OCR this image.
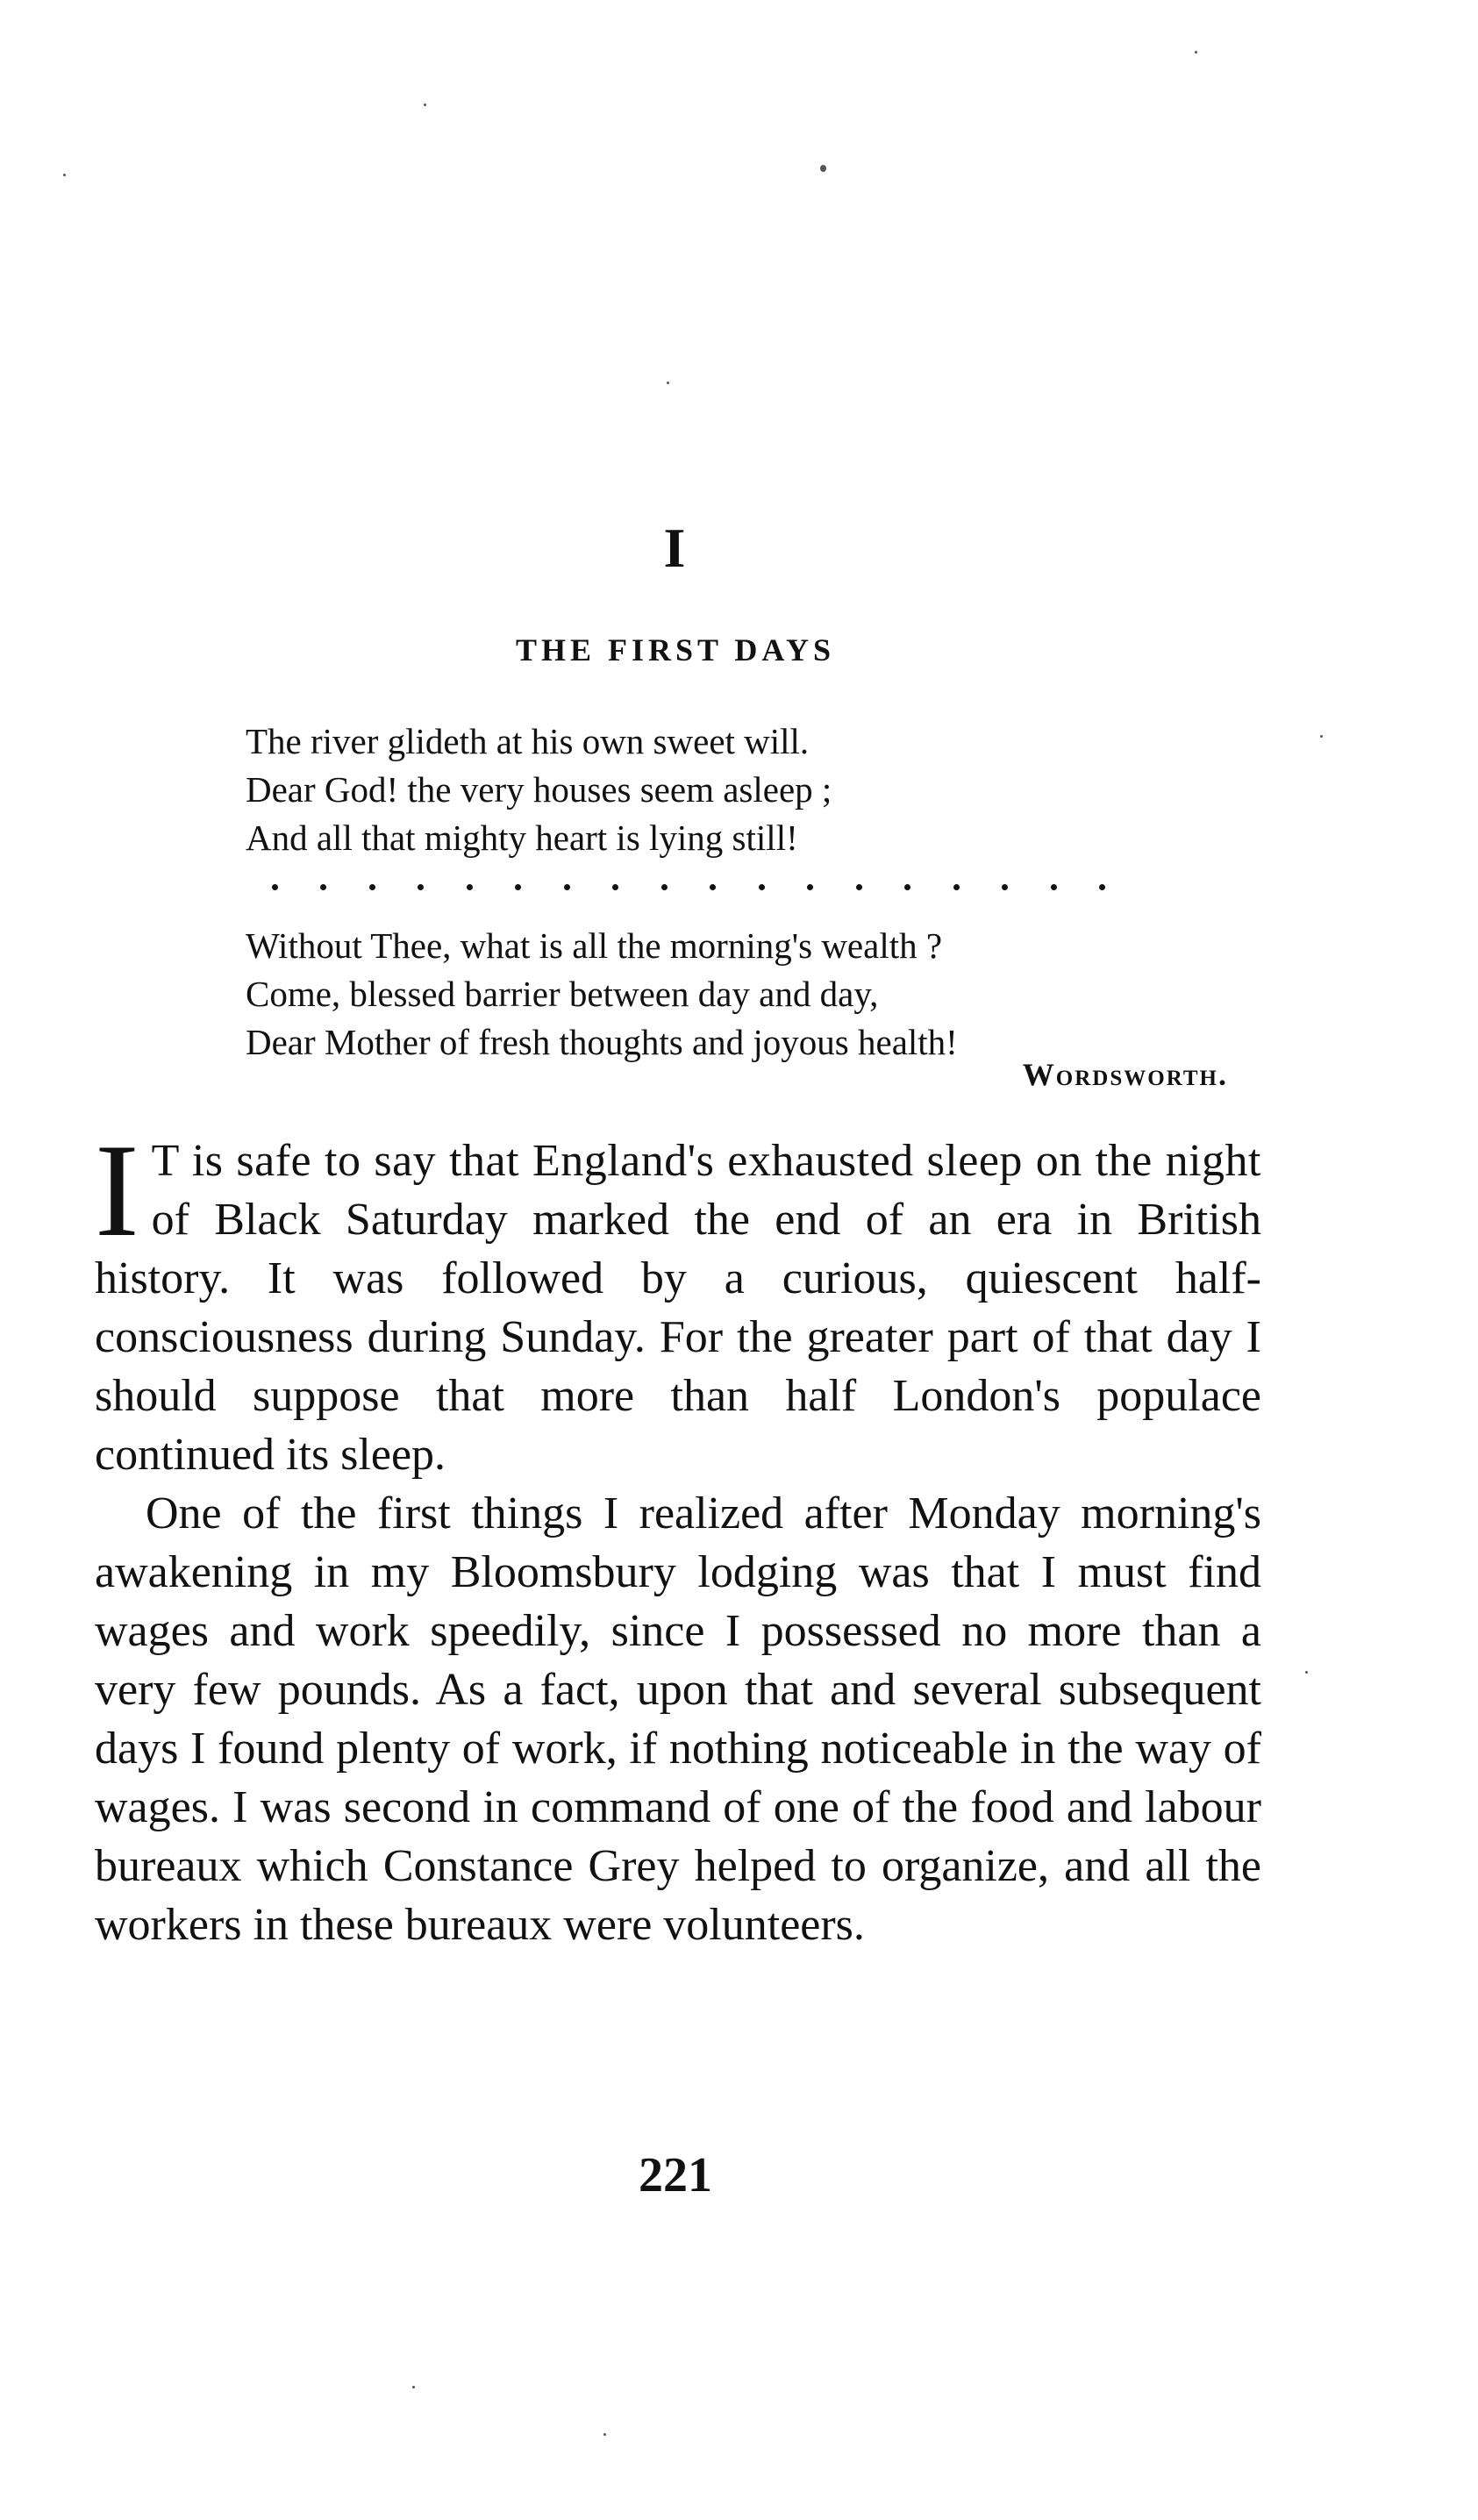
I
THE FIRST DAYS
The river glideth at his own sweet will.
Dear God! the very houses seem asleep ;
And all that mighty heart is lying still!
Without Thee, what is all the morning's wealth ?
Come, blessed barrier between day and day,
Dear Mother of fresh thoughts and joyous health!
Wordsworth.

I T is safe to say that England's exhausted sleep on the night of Black Saturday marked the end of an era in British history. It was followed by a curious, quiescent half-consciousness during Sunday. For the greater part of that day I should suppose that more than half London's populace continued its sleep.

One of the first things I realized after Monday morning's awakening in my Bloomsbury lodging was that I must find wages and work speedily, since I possessed no more than a very few pounds. As a fact, upon that and several subsequent days I found plenty of work, if nothing noticeable in the way of wages. I was second in command of one of the food and labour bureaux which Constance Grey helped to organize, and all the workers in these bureaux were volunteers.

221
